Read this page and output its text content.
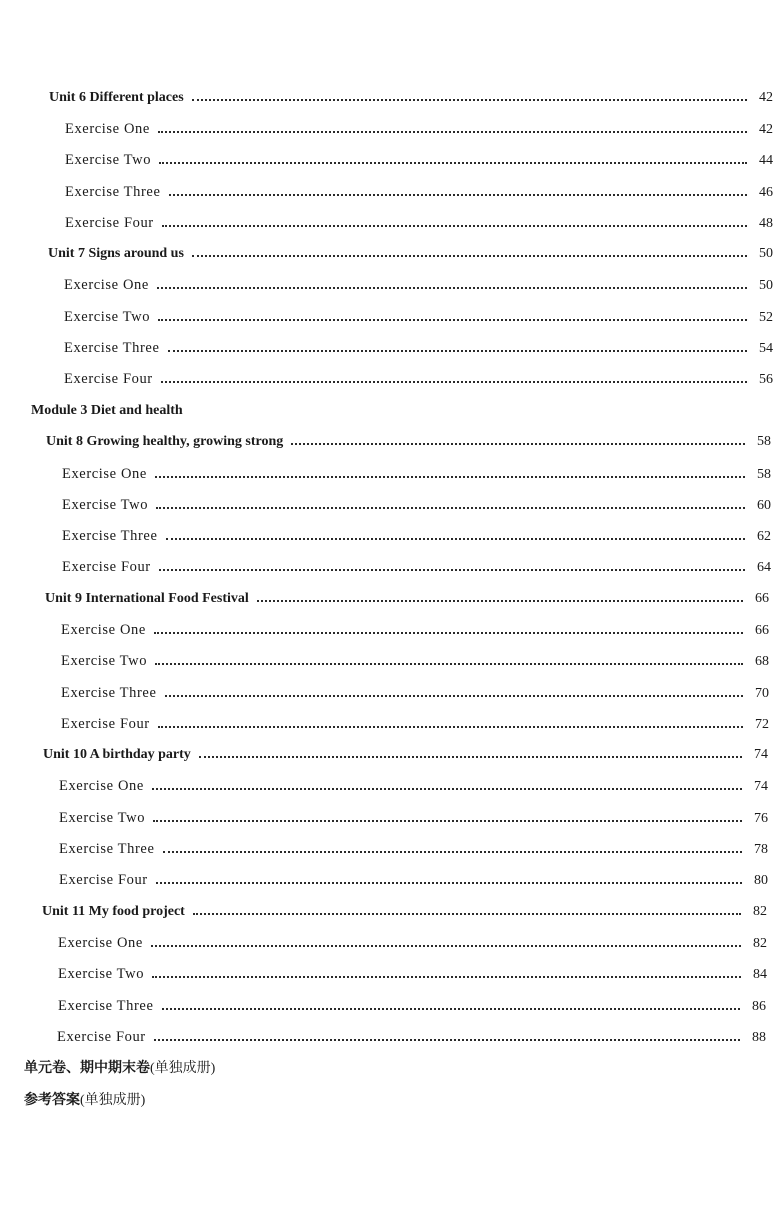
Unit 6 Different places	42
Exercise One	42
Exercise Two	44
Exercise Three	46
Exercise Four	48
Unit 7 Signs around us	50
Exercise One	50
Exercise Two	52
Exercise Three	54
Exercise Four	56
Module 3 Diet and health
Unit 8 Growing healthy, growing strong	58
Exercise One	58
Exercise Two	60
Exercise Three	62
Exercise Four	64
Unit 9 International Food Festival	66
Exercise One	66
Exercise Two	68
Exercise Three	70
Exercise Four	72
Unit 10 A birthday party	74
Exercise One	74
Exercise Two	76
Exercise Three	78
Exercise Four	80
Unit 11 My food project	82
Exercise One	82
Exercise Two	84
Exercise Three	86
Exercise Four	88
单元卷、期中期末卷(单独成册)
参考答案(单独成册)
